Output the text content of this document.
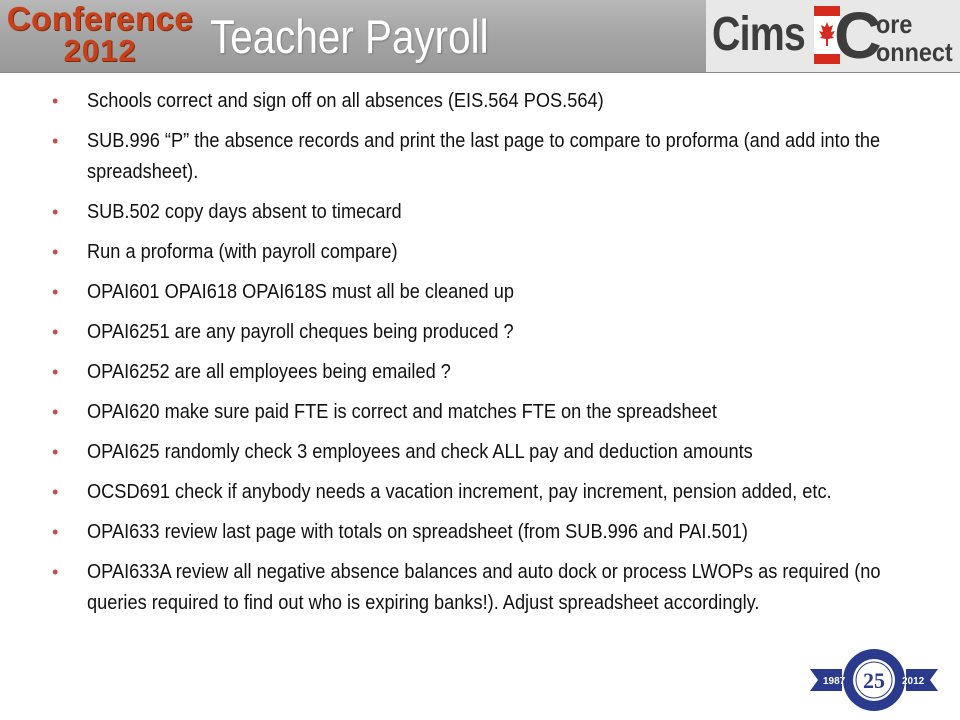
Conference
2012	Teacher Payroll	Cims C
ore
onnect
• Schools correct and sign off on all absences (EIS.564 POS.564)
• SUB.996 “P” the absence records and print the last page to compare to proforma (and add into the spreadsheet).
• SUB.502 copy days absent to timecard
• Run a proforma (with payroll compare)
• OPAI601 OPAI618 OPAI618S must all be cleaned up
• OPAI6251 are any payroll cheques being produced ?
• OPAI6252 are all employees being emailed ?
• OPAI620 make sure paid FTE is correct and matches FTE on the spreadsheet
• OPAI625 randomly check 3 employees and check ALL pay and deduction amounts
• OCSD691 check if anybody needs a vacation increment, pay increment, pension added, etc.
• OPAI633 review last page with totals on spreadsheet (from SUB.996 and PAI.501)
• OPAI633A review all negative absence balances and auto dock or process LWOPs as required (no queries required to find out who is expiring banks!). Adjust spreadsheet accordingly.
1987	2012
25
